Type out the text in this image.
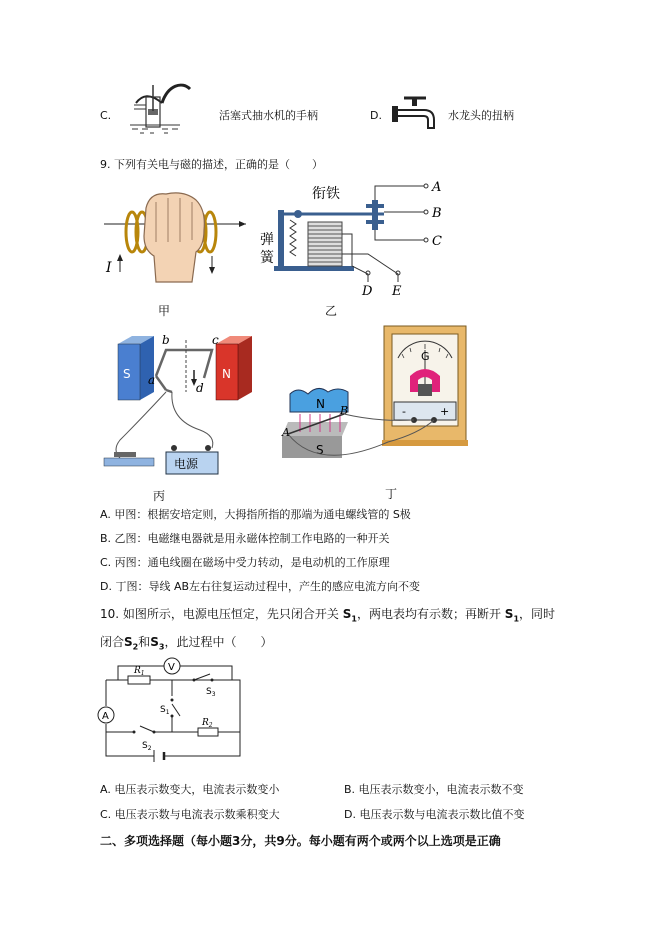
C.	活塞式抽水机的手柄	D.	水龙头的扭柄
9. 下列有关电与磁的描述，正确的是（　　）
I
甲
衔铁
弹
簧
A
B
C
D E
乙
S	N
b	c
a
d
电源
丙
G
-	+
N
S
A
B
丁
A. 甲图：根据安培定则，大拇指所指的那端为通电螺线管的 S极
B. 乙图：电磁继电器就是用永磁体控制工作电路的一种开关
C. 丙图：通电线圈在磁场中受力转动，是电动机的工作原理
D. 丁图：导线 AB左右往复运动过程中，产生的感应电流方向不变
10. 如图所示，电源电压恒定，先只闭合开关 $S_1$，两电表均有示数；再断开 $S_1$，同时
闭合$S_2$和$S_3$，此过程中（　　）
V
A
$R_1$
$R_2$
$S_1$
$S_2$
$S_3$
A. 电压表示数变大，电流表示数变小	B. 电压表示数变小，电流表示数不变
C. 电压表示数与电流表示数乘积变大	D. 电压表示数与电流表示数比值不变
二、多项选择题（每小题3分，共9分。每小题有两个或两个以上选项是正确
